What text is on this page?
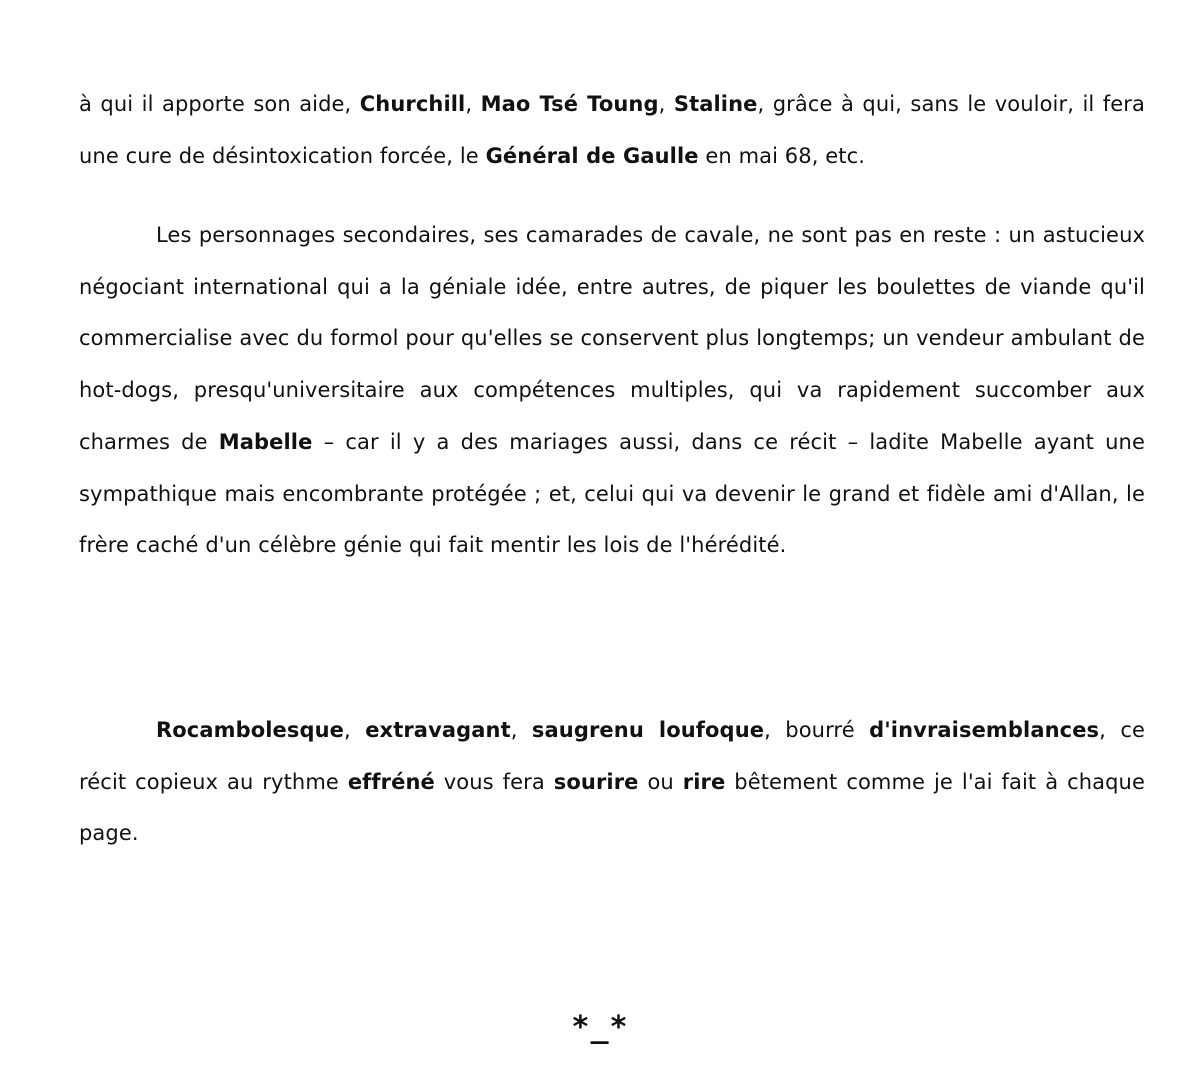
à qui il apporte son aide, Churchill, Mao Tsé Toung, Staline, grâce à qui, sans le vouloir, il fera une cure de désintoxication forcée, le Général de Gaulle en mai 68, etc.

Les personnages secondaires, ses camarades de cavale, ne sont pas en reste : un astucieux négociant international qui a la géniale idée, entre autres, de piquer les boulettes de viande qu'il commercialise avec du formol pour qu'elles se conservent plus longtemps; un vendeur ambulant de hot-dogs, presqu'universitaire aux compétences multiples, qui va rapidement succomber aux charmes de Mabelle – car il y a des mariages aussi, dans ce récit – ladite Mabelle ayant une sympathique mais encombrante protégée ; et, celui qui va devenir le grand et fidèle ami d'Allan, le frère caché d'un célèbre génie qui fait mentir les lois de l'hérédité.

Rocambolesque, extravagant, saugrenu loufoque, bourré d'invraisemblances, ce récit copieux au rythme effréné vous fera sourire ou rire bêtement comme je l'ai fait à chaque page.

*_*
